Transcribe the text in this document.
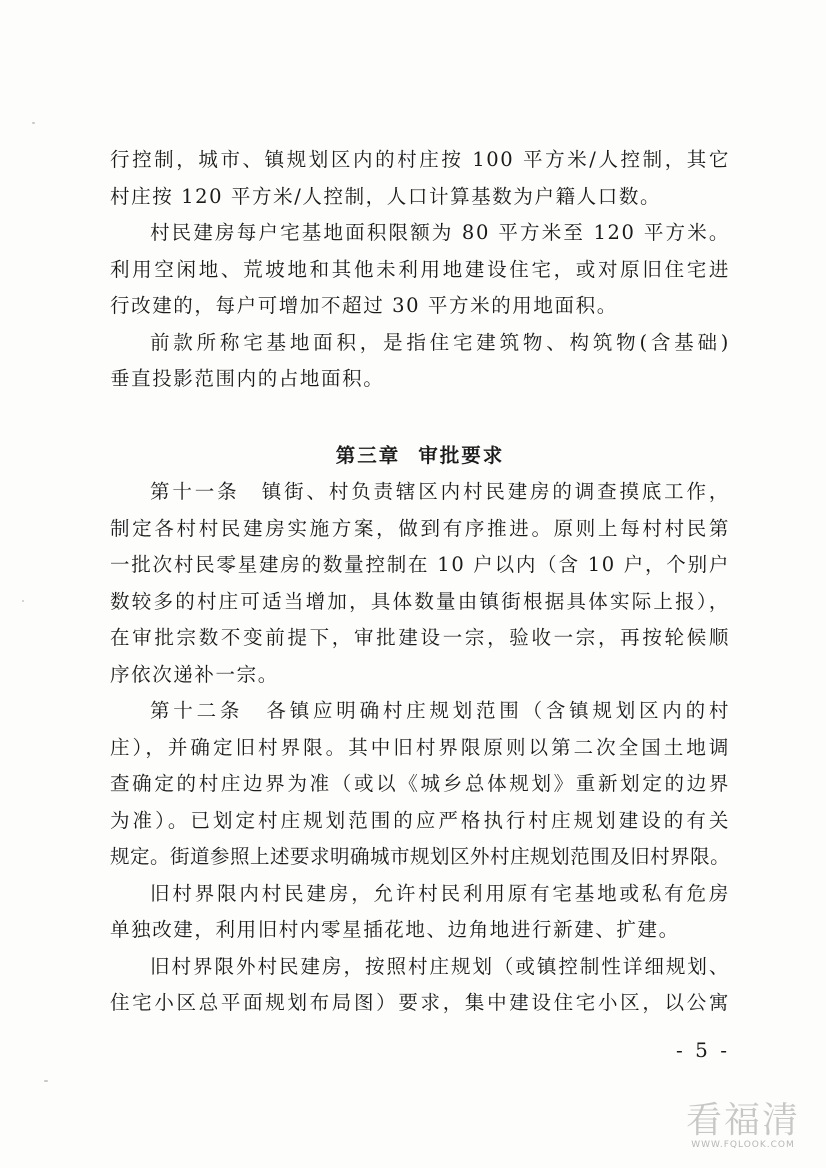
行控制，城市、镇规划区内的村庄按 100 平方米/人控制，其它
村庄按 120 平方米/人控制，人口计算基数为户籍人口数。
村民建房每户宅基地面积限额为 80 平方米至 120 平方米。
利用空闲地、荒坡地和其他未利用地建设住宅，或对原旧住宅进
行改建的，每户可增加不超过 30 平方米的用地面积。
前款所称宅基地面积，是指住宅建筑物、构筑物(含基础)
垂直投影范围内的占地面积。
第三章 审批要求
第十一条　镇街、村负责辖区内村民建房的调查摸底工作，
制定各村村民建房实施方案，做到有序推进。原则上每村村民第
一批次村民零星建房的数量控制在 10 户以内（含 10 户，个别户
数较多的村庄可适当增加，具体数量由镇街根据具体实际上报），
在审批宗数不变前提下，审批建设一宗，验收一宗，再按轮候顺
序依次递补一宗。
第十二条　各镇应明确村庄规划范围（含镇规划区内的村
庄），并确定旧村界限。其中旧村界限原则以第二次全国土地调
查确定的村庄边界为准（或以《城乡总体规划》重新划定的边界
为准）。已划定村庄规划范围的应严格执行村庄规划建设的有关
规定。街道参照上述要求明确城市规划区外村庄规划范围及旧村界限。
旧村界限内村民建房，允许村民利用原有宅基地或私有危房
单独改建，利用旧村内零星插花地、边角地进行新建、扩建。
旧村界限外村民建房，按照村庄规划（或镇控制性详细规划、
住宅小区总平面规划布局图）要求，集中建设住宅小区，以公寓
- 5 -
看福清
WWW.FQLOOK.COM
